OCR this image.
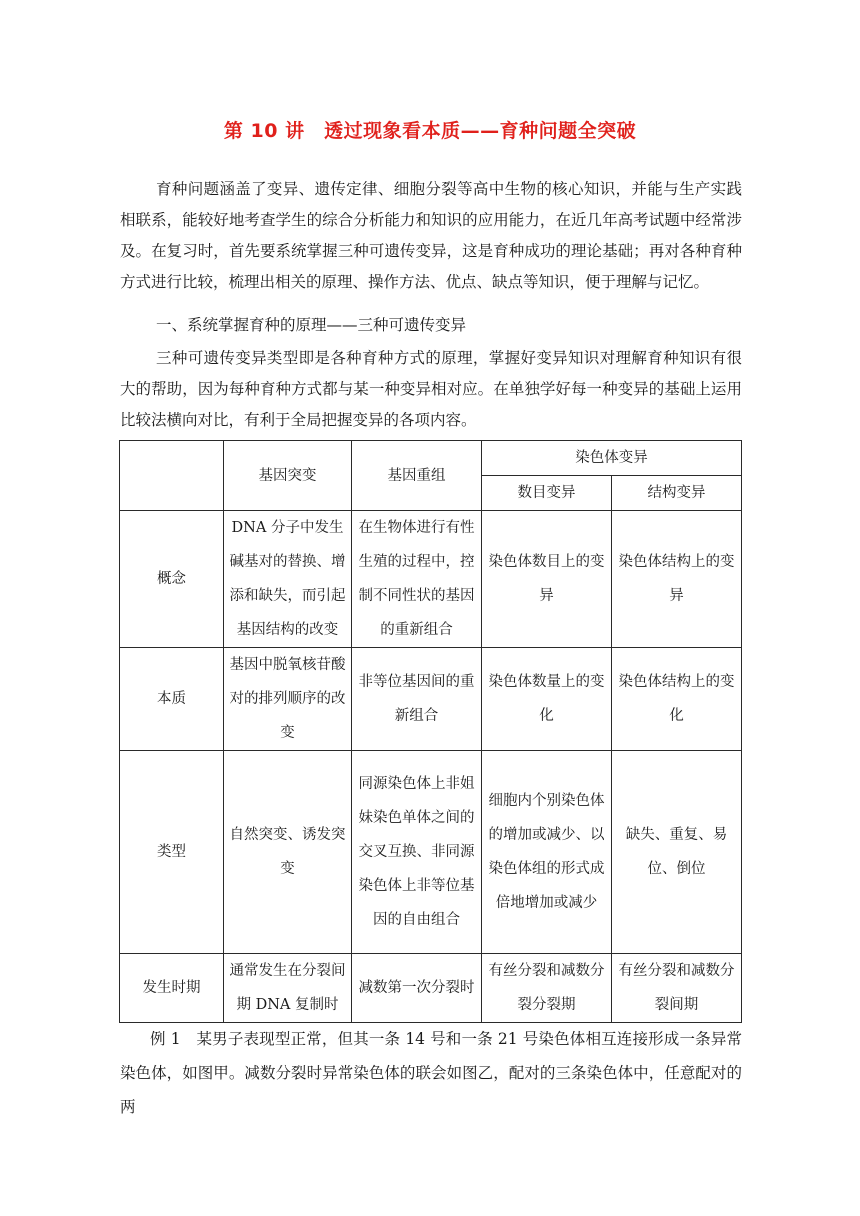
第 10 讲　透过现象看本质——育种问题全突破
育种问题涵盖了变异、遗传定律、细胞分裂等高中生物的核心知识，并能与生产实践相联系，能较好地考查学生的综合分析能力和知识的应用能力，在近几年高考试题中经常涉及。在复习时，首先要系统掌握三种可遗传变异，这是育种成功的理论基础；再对各种育种方式进行比较，梳理出相关的原理、操作方法、优点、缺点等知识，便于理解与记忆。
一、系统掌握育种的原理——三种可遗传变异
三种可遗传变异类型即是各种育种方式的原理，掌握好变异知识对理解育种知识有很大的帮助，因为每种育种方式都与某一种变异相对应。在单独学好每一种变异的基础上运用比较法横向对比，有利于全局把握变异的各项内容。
	基因突变	基因重组	染色体变异	
			数目变异	结构变异
概念	DNA 分子中发生碱基对的替换、增添和缺失，而引起基因结构的改变	在生物体进行有性生殖的过程中，控制不同性状的基因的重新组合	染色体数目上的变异	染色体结构上的变异
本质	基因中脱氧核苷酸对的排列顺序的改变	非等位基因间的重新组合	染色体数量上的变化	染色体结构上的变化
类型	自然突变、诱发突变	同源染色体上非姐妹染色单体之间的交叉互换、非同源染色体上非等位基因的自由组合	细胞内个别染色体的增加或减少、以染色体组的形式成倍地增加或减少	缺失、重复、易位、倒位
发生时期	通常发生在分裂间期 DNA 复制时	减数第一次分裂时	有丝分裂和减数分裂分裂期	有丝分裂和减数分裂间期
例 1　某男子表现型正常，但其一条 14 号和一条 21 号染色体相互连接形成一条异常染色体，如图甲。减数分裂时异常染色体的联会如图乙，配对的三条染色体中，任意配对的两
